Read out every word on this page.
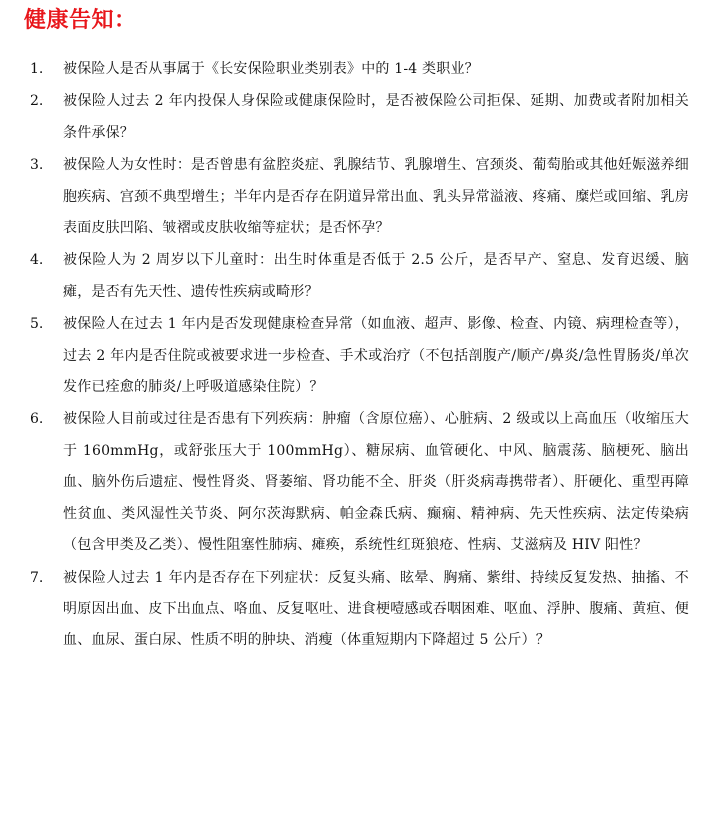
健康告知：
1.	被保险人是否从事属于《长安保险职业类别表》中的 1-4 类职业？
2.	被保险人过去 2 年内投保人身保险或健康保险时，是否被保险公司拒保、延期、加费或者附加相关条件承保？
3.	被保险人为女性时：是否曾患有盆腔炎症、乳腺结节、乳腺增生、宫颈炎、葡萄胎或其他妊娠滋养细胞疾病、宫颈不典型增生；半年内是否存在阴道异常出血、乳头异常溢液、疼痛、糜烂或回缩、乳房表面皮肤凹陷、皱褶或皮肤收缩等症状；是否怀孕？
4.	被保险人为 2 周岁以下儿童时：出生时体重是否低于 2.5 公斤，是否早产、窒息、发育迟缓、脑瘫，是否有先天性、遗传性疾病或畸形？
5.	被保险人在过去 1 年内是否发现健康检查异常（如血液、超声、影像、检查、内镜、病理检查等），过去 2 年内是否住院或被要求进一步检查、手术或治疗（不包括剖腹产/顺产/鼻炎/急性胃肠炎/单次发作已痊愈的肺炎/上呼吸道感染住院）？
6.	被保险人目前或过往是否患有下列疾病：肿瘤（含原位癌）、心脏病、2 级或以上高血压（收缩压大于 160mmHg，或舒张压大于 100mmHg）、糖尿病、血管硬化、中风、脑震荡、脑梗死、脑出血、脑外伤后遗症、慢性肾炎、肾萎缩、肾功能不全、肝炎（肝炎病毒携带者）、肝硬化、重型再障性贫血、类风湿性关节炎、阿尔茨海默病、帕金森氏病、癫痫、精神病、先天性疾病、法定传染病（包含甲类及乙类）、慢性阻塞性肺病、瘫痪，系统性红斑狼疮、性病、艾滋病及 HIV 阳性？
7.	被保险人过去 1 年内是否存在下列症状：反复头痛、眩晕、胸痛、紫绀、持续反复发热、抽搐、不明原因出血、皮下出血点、咯血、反复呕吐、进食梗噎感或吞咽困难、呕血、浮肿、腹痛、黄疸、便血、血尿、蛋白尿、性质不明的肿块、消瘦（体重短期内下降超过 5 公斤）？
